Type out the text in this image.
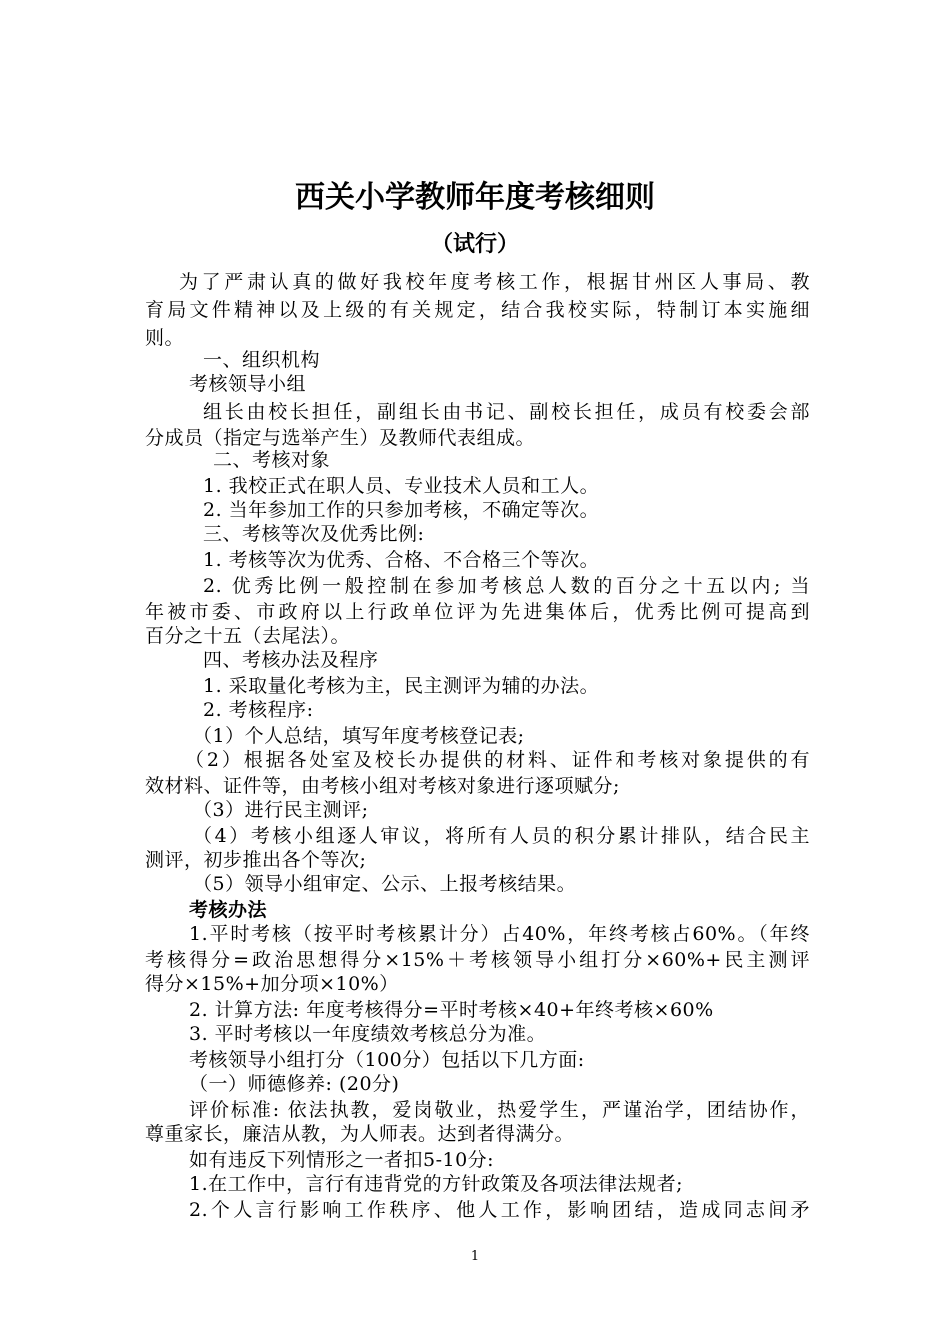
西关小学教师年度考核细则
（试行）
为了严肃认真的做好我校年度考核工作，根据甘州区人事局、教
育局文件精神以及上级的有关规定，结合我校实际，特制订本实施细
则。
一、组织机构
考核领导小组
组长由校长担任，副组长由书记、副校长担任，成员有校委会部
分成员（指定与选举产生）及教师代表组成。
二、考核对象
1. 我校正式在职人员、专业技术人员和工人。
2. 当年参加工作的只参加考核，不确定等次。
三、考核等次及优秀比例:
1. 考核等次为优秀、合格、不合格三个等次。
2. 优秀比例一般控制在参加考核总人数的百分之十五以内; 当
年被市委、市政府以上行政单位评为先进集体后，优秀比例可提高到
百分之十五（去尾法）。
四、考核办法及程序
1. 采取量化考核为主，民主测评为辅的办法。
2. 考核程序:
（1）个人总结，填写年度考核登记表;
（2）根据各处室及校长办提供的材料、证件和考核对象提供的有
效材料、证件等，由考核小组对考核对象进行逐项赋分;
（3）进行民主测评;
（4）考核小组逐人审议，将所有人员的积分累计排队，结合民主
测评，初步推出各个等次;
（5）领导小组审定、公示、上报考核结果。
考核办法
1.平时考核（按平时考核累计分）占40%，年终考核占60%。（年终
考核得分=政治思想得分×15%＋考核领导小组打分×60%+民主测评
得分×15%+加分项×10%）
2. 计算方法: 年度考核得分=平时考核×40+年终考核×60%
3. 平时考核以一年度绩效考核总分为准。
考核领导小组打分（100分）包括以下几方面:
（一）师德修养: (20分)
评价标准: 依法执教，爱岗敬业，热爱学生，严谨治学，团结协作，
尊重家长，廉洁从教，为人师表。达到者得满分。
如有违反下列情形之一者扣5-10分:
1.在工作中，言行有违背党的方针政策及各项法律法规者;
2.个人言行影响工作秩序、他人工作，影响团结，造成同志间矛
1
